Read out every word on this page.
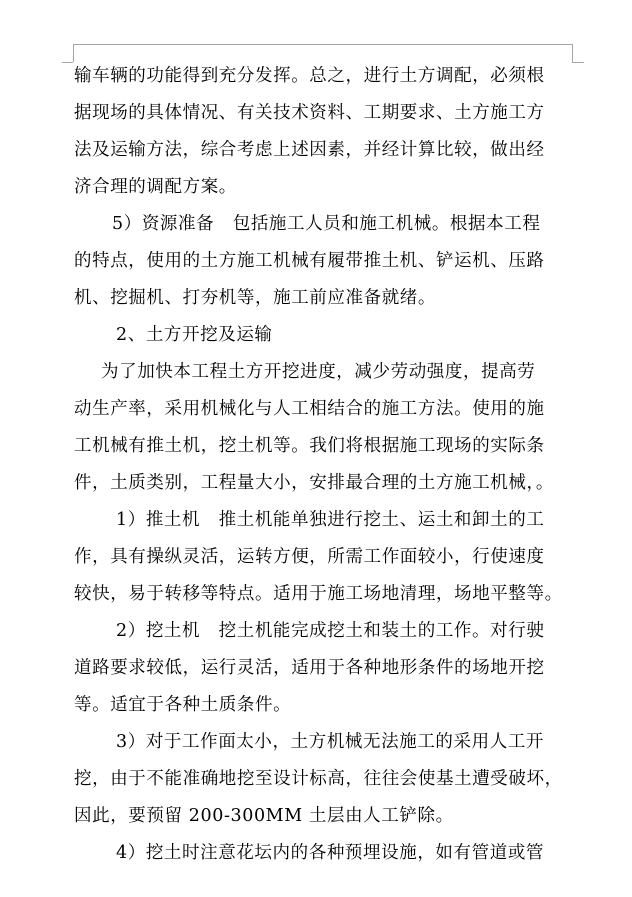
输车辆的功能得到充分发挥。总之，进行土方调配，必须根
据现场的具体情况、有关技术资料、工期要求、土方施工方
法及运输方法，综合考虑上述因素，并经计算比较，做出经
济合理的调配方案。

5）资源准备   包括施工人员和施工机械。根据本工程
的特点，使用的土方施工机械有履带推土机、铲运机、压路
机、挖掘机、打夯机等，施工前应准备就绪。

2、土方开挖及运输

为了加快本工程土方开挖进度，减少劳动强度，提高劳
动生产率，采用机械化与人工相结合的施工方法。使用的施
工机械有推土机，挖土机等。我们将根据施工现场的实际条
件，土质类别，工程量大小，安排最合理的土方施工机械，。

1）推土机   推土机能单独进行挖土、运土和卸土的工
作，具有操纵灵活，运转方便，所需工作面较小，行使速度
较快，易于转移等特点。适用于施工场地清理，场地平整等。

2）挖土机   挖土机能完成挖土和装土的工作。对行驶
道路要求较低，运行灵活，适用于各种地形条件的场地开挖
等。适宜于各种土质条件。

3）对于工作面太小，土方机械无法施工的采用人工开
挖，由于不能准确地挖至设计标高，往往会使基土遭受破坏，
因此，要预留 200-300MM 土层由人工铲除。

4）挖土时注意花坛内的各种预埋设施，如有管道或管
